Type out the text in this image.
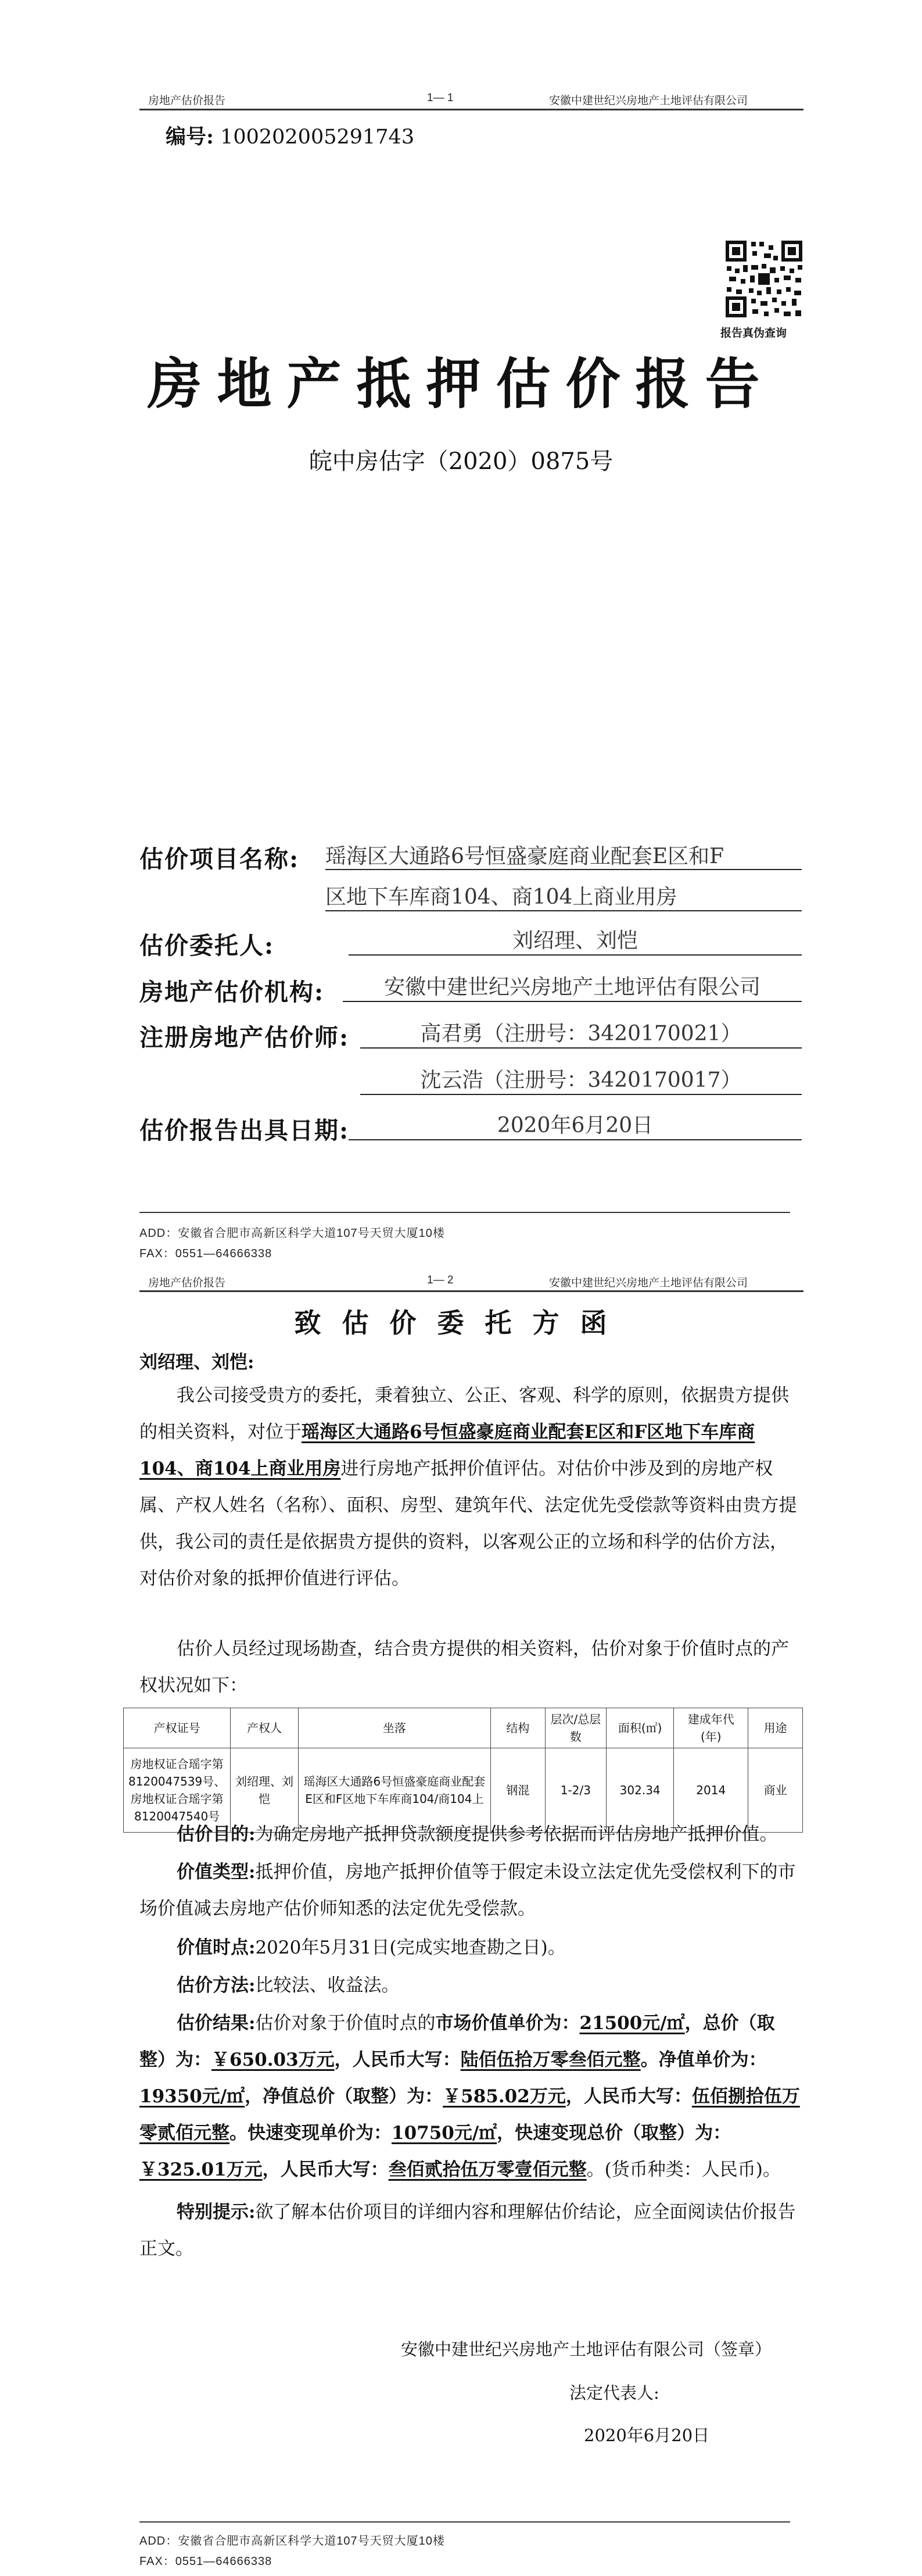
房地产估价报告	1— 1	安徽中建世纪兴房地产土地评估有限公司
编号: 100202005291743
报告真伪查询
房地产抵押估价报告
皖中房估字（2020）0875号
估价项目名称: 瑶海区大通路6号恒盛豪庭商业配套E区和F
区地下车库商104、商104上商业用房
估价委托人:	刘绍理、刘恺
房地产估价机构:	安徽中建世纪兴房地产土地评估有限公司
注册房地产估价师:	高君勇（注册号：3420170021）
沈云浩（注册号：3420170017）
估价报告出具日期:	2020年6月20日
ADD：安徽省合肥市高新区科学大道107号天贸大厦10楼
FAX：0551—64666338
房地产估价报告	1— 2	安徽中建世纪兴房地产土地评估有限公司
致估价委托方函
刘绍理、刘恺:
我公司接受贵方的委托，秉着独立、公正、客观、科学的原则，依据贵方提供的相关资料，对位于瑶海区大通路6号恒盛豪庭商业配套E区和F区地下车库商104、商104上商业用房进行房地产抵押价值评估。对估价中涉及到的房地产权属、产权人姓名（名称）、面积、房型、建筑年代、法定优先受偿款等资料由贵方提供，我公司的责任是依据贵方提供的资料，以客观公正的立场和科学的估价方法，对估价对象的抵押价值进行评估。
估价人员经过现场勘查，结合贵方提供的相关资料，估价对象于价值时点的产权状况如下：
产权证号	产权人	坐落	结构	层次/总层数	面积(㎡)	建成年代(年)	用途
房地权证合瑶字第8120047539号、房地权证合瑶字第8120047540号	刘绍理、刘恺	瑶海区大通路6号恒盛豪庭商业配套E区和F区地下车库商104/商104上	钢混	1-2/3	302.34	2014	商业
估价目的:为确定房地产抵押贷款额度提供参考依据而评估房地产抵押价值。
价值类型:抵押价值，房地产抵押价值等于假定未设立法定优先受偿权利下的市场价值减去房地产估价师知悉的法定优先受偿款。
价值时点:2020年5月31日(完成实地查勘之日)。
估价方法:比较法、收益法。
估价结果:估价对象于价值时点的市场价值单价为：21500元/㎡，总价（取整）为：￥650.03万元，人民币大写：陆佰伍拾万零叁佰元整。净值单价为：19350元/㎡，净值总价（取整）为：￥585.02万元，人民币大写：伍佰捌拾伍万零贰佰元整。快速变现单价为：10750元/㎡，快速变现总价（取整）为：￥325.01万元，人民币大写：叁佰贰拾伍万零壹佰元整。(货币种类：人民币)。
特别提示:欲了解本估价项目的详细内容和理解估价结论，应全面阅读估价报告正文。
安徽中建世纪兴房地产土地评估有限公司（签章）
法定代表人:
2020年6月20日
ADD：安徽省合肥市高新区科学大道107号天贸大厦10楼
FAX：0551—64666338
